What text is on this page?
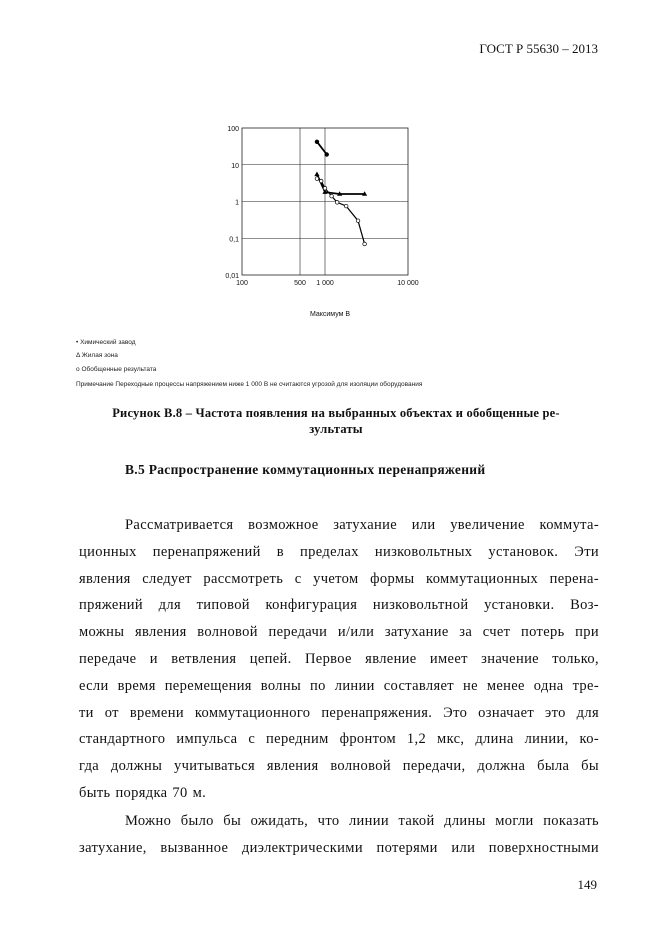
ГОСТ Р 55630 – 2013
100	500 1 000	10 000
100
10
1
0,1
0,01
Максимум В
• Химический завод
Δ Жилая зона
о Обобщенные результата
Примечание Переходные процессы напряжением ниже 1 000 В не считаются угрозой для изоляции оборудования
Рисунок В.8 – Частота появления на выбранных объектах и обобщенные ре-
зультаты
В.5 Распространение коммутационных перенапряжений
Рассматривается возможное затухание или увеличение коммута-
ционных перенапряжений в пределах низковольтных установок. Эти
явления следует рассмотреть с учетом формы коммутационных перена-
пряжений для типовой конфигурация низковольтной установки. Воз-
можны явления волновой передачи и/или затухание за счет потерь при
передаче и ветвления цепей. Первое явление имеет значение только,
если время перемещения волны по линии составляет не менее одна тре-
ти от времени коммутационного перенапряжения. Это означает это для
стандартного импульса с передним фронтом 1,2 мкс, длина линии, ко-
гда должны учитываться явления волновой передачи, должна была бы
быть порядка 70 м.
Можно было бы ожидать, что линии такой длины могли показать
затухание, вызванное диэлектрическими потерями или поверхностными
149
